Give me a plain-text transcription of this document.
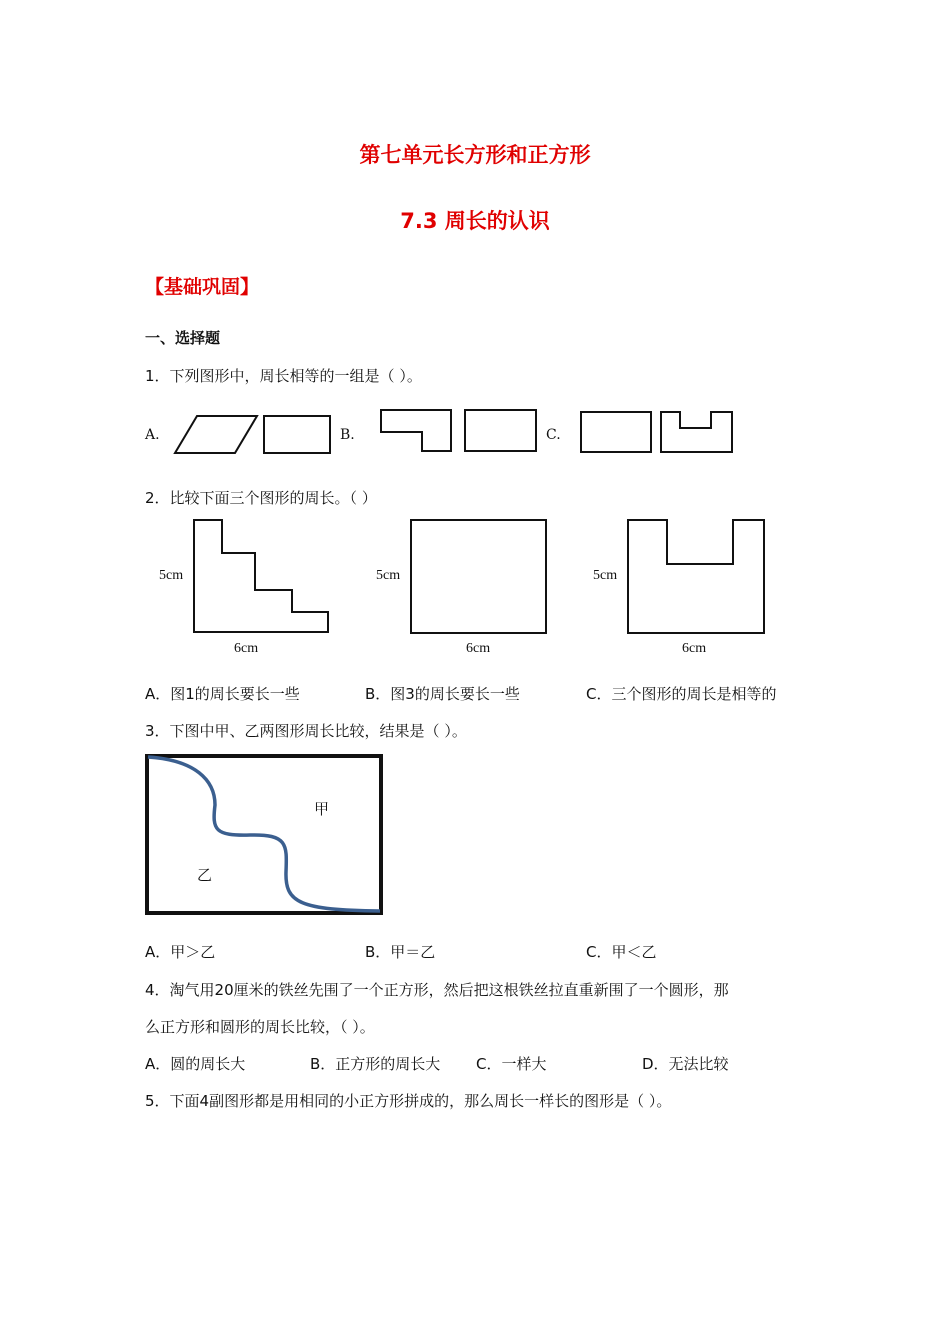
第七单元长方形和正方形
7.3 周长的认识
【基础巩固】
一、选择题
1．下列图形中，周长相等的一组是（ ）。
A.	B.	C.
2．比较下面三个图形的周长。（ ）
5cm
6cm
5cm
6cm
5cm
6cm
A．图1的周长要长一些	B．图3的周长要长一些	C．三个图形的周长是相等的
3．下图中甲、乙两图形周长比较，结果是（ ）。
甲
乙
A．甲＞乙	B．甲＝乙	C．甲＜乙
4．淘气用20厘米的铁丝先围了一个正方形，然后把这根铁丝拉直重新围了一个圆形，那
么正方形和圆形的周长比较，（ ）。
A．圆的周长大	B．正方形的周长大 C．一样大	D．无法比较
5．下面4副图形都是用相同的小正方形拼成的，那么周长一样长的图形是（ ）。
